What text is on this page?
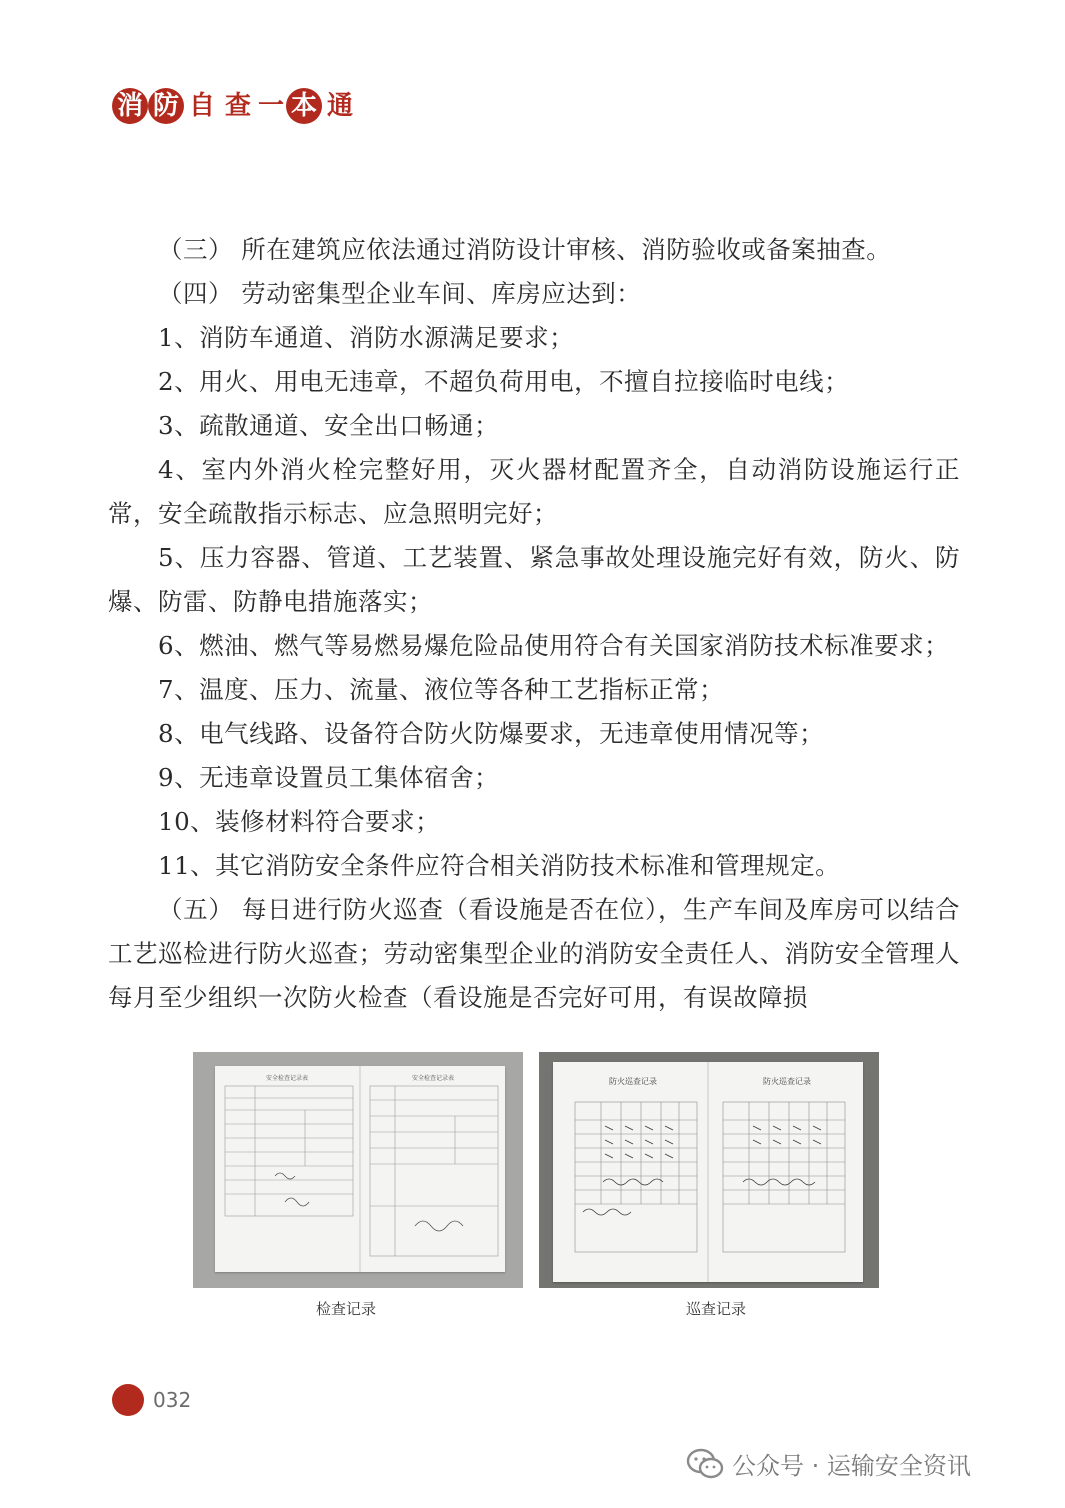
消 防 自 查 一 本 通

（三） 所在建筑应依法通过消防设计审核、消防验收或备案抽查。

（四） 劳动密集型企业车间、库房应达到：

1、消防车通道、消防水源满足要求；

2、用火、用电无违章，不超负荷用电，不擅自拉接临时电线；

3、疏散通道、安全出口畅通；

4、室内外消火栓完整好用，灭火器材配置齐全，自动消防设施运行正常，安全疏散指示标志、应急照明完好；

5、压力容器、管道、工艺装置、紧急事故处理设施完好有效，防火、防爆、防雷、防静电措施落实；

6、燃油、燃气等易燃易爆危险品使用符合有关国家消防技术标准要求；

7、温度、压力、流量、液位等各种工艺指标正常；

8、电气线路、设备符合防火防爆要求，无违章使用情况等；

9、无违章设置员工集体宿舍；

10、装修材料符合要求；

11、其它消防安全条件应符合相关消防技术标准和管理规定。

（五） 每日进行防火巡查（看设施是否在位），生产车间及库房可以结合工艺巡检进行防火巡查；劳动密集型企业的消防安全责任人、消防安全管理人每月至少组织一次防火检查（看设施是否完好可用，有误故障损

安全检查记录表	安全检查记录表	防火巡查记录	防火巡查记录
检查记录	巡查记录
032
公众号 · 运输安全资讯
